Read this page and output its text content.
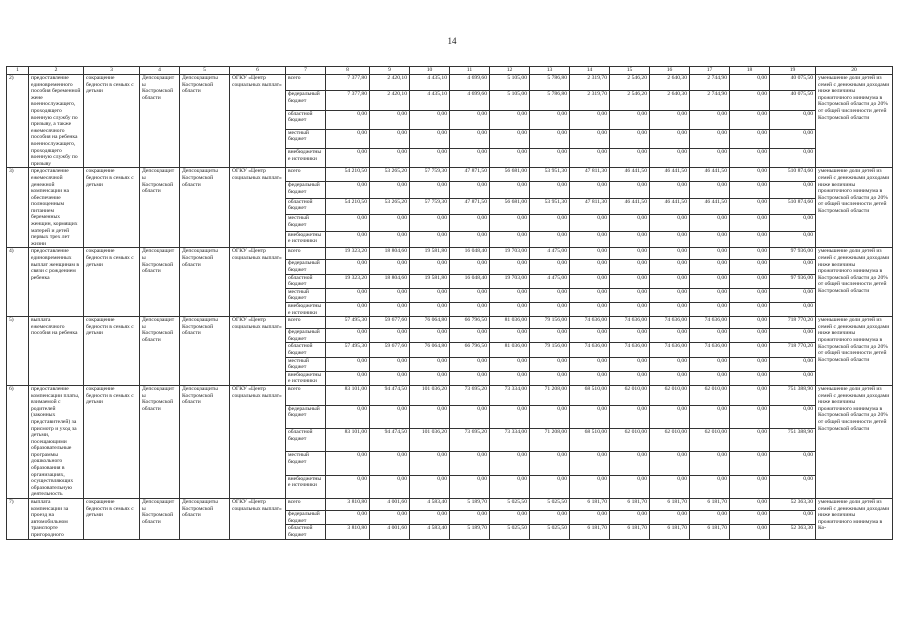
14
1	2	3	4	5	6	7	8	9	10	11	12	13	14	15	16	17	18	19	20
2)	предоставление единовременного пособия беременной жене военнослужащего, проходящего военную службу по призыву, а также ежемесячного пособия на ребенка военнослужащего, проходящего военную службу по призыву	сокращение бедности в семьях с детьми	Депсоцзащиты Костромской области	Депсоцзащиты Костромской области	ОГКУ «Центр социальных выплат»	всего	7 377,80	2 420,10	4 435,10	4 699,60	5 105,00	5 786,80	2 319,70	2 546,20	2 640,30	2 744,90	0,00	40 075,50	уменьшение доли детей из семей с денежными доходами ниже величины прожиточного минимума в Костромской области до 20% от общей численности детей Костромской области
						федеральный бюджет	7 377,80	2 420,10	4 435,10	4 699,60	5 105,00	5 786,80	2 319,70	2 546,20	2 640,30	2 744,90	0,00	40 075,50	
						областной бюджет	0,00	0,00	0,00	0,00	0,00	0,00	0,00	0,00	0,00	0,00	0,00	0,00	
						местный бюджет	0,00	0,00	0,00	0,00	0,00	0,00	0,00	0,00	0,00	0,00	0,00	0,00	
						внебюджетные источники	0,00	0,00	0,00	0,00	0,00	0,00	0,00	0,00	0,00	0,00	0,00	0,00	
3)	предоставление ежемесячной денежной компенсации на обеспечение полноценным питанием беременных женщин, кормящих матерей и детей первых трех лет жизни	сокращение бедности в семьях с детьми	Депсоцзащиты Костромской области	Депсоцзащиты Костромской области	ОГКУ «Центр социальных выплат»	всего	54 210,50	53 265,20	57 759,30	47 871,50	56 681,00	53 951,30	47 811,30	46 441,50	46 441,50	46 441,50	0,00	510 874,60	уменьшение доли детей из семей с денежными доходами ниже величины прожиточного минимума в Костромской области до 20% от общей численности детей Костромской области
						федеральный бюджет	0,00	0,00	0,00	0,00	0,00	0,00	0,00	0,00	0,00	0,00	0,00	0,00	
						областной бюджет	54 210,50	53 265,20	57 759,30	47 871,50	56 681,00	53 951,30	47 811,30	46 441,50	46 441,50	46 441,50	0,00	510 874,60	
						местный бюджет	0,00	0,00	0,00	0,00	0,00	0,00	0,00	0,00	0,00	0,00	0,00	0,00	
						внебюджетные источники	0,00	0,00	0,00	0,00	0,00	0,00	0,00	0,00	0,00	0,00	0,00	0,00	
4)	предоставление единовременных выплат женщинам в связи с рождением ребенка	сокращение бедности в семьях с детьми	Депсоцзащиты Костромской области	Депсоцзащиты Костромской области	ОГКУ «Центр социальных выплат»	всего	19 323,20	18 804,60	19 581,80	16 048,40	19 703,00	4 475,00	0,00	0,00	0,00	0,00	0,00	97 936,00	уменьшение доли детей из семей с денежными доходами ниже величины прожиточного минимума в Костромской области до 20% от общей численности детей Костромской области
						федеральный бюджет	0,00	0,00	0,00	0,00	0,00	0,00	0,00	0,00	0,00	0,00	0,00	0,00	
						областной бюджет	19 323,20	18 804,60	19 581,80	16 048,40	19 703,00	4 475,00	0,00	0,00	0,00	0,00	0,00	97 936,00	
						местный бюджет	0,00	0,00	0,00	0,00	0,00	0,00	0,00	0,00	0,00	0,00	0,00	0,00	
						внебюджетные источники	0,00	0,00	0,00	0,00	0,00	0,00	0,00	0,00	0,00	0,00	0,00	0,00	
5)	выплата ежемесячного пособия на ребенка	сокращение бедности в семьях с детьми	Депсоцзащиты Костромской области	Депсоцзащиты Костромской области	ОГКУ «Центр социальных выплат»	всего	57 495,30	59 677,60	76 064,80	66 796,50	81 036,00	79 156,00	74 636,00	74 636,00	74 636,00	74 636,00	0,00	718 770,20	уменьшение доли детей из семей с денежными доходами ниже величины прожиточного минимума в Костромской области до 20% от общей численности детей Костромской области
						федеральный бюджет	0,00	0,00	0,00	0,00	0,00	0,00	0,00	0,00	0,00	0,00	0,00	0,00	
						областной бюджет	57 495,30	59 677,60	76 064,80	66 796,50	81 036,00	79 156,00	74 636,00	74 636,00	74 636,00	74 636,00	0,00	718 770,20	
						местный бюджет	0,00	0,00	0,00	0,00	0,00	0,00	0,00	0,00	0,00	0,00	0,00	0,00	
						внебюджетные источники	0,00	0,00	0,00	0,00	0,00	0,00	0,00	0,00	0,00	0,00	0,00	0,00	
6)	предоставление компенсации платы, взимаемой с родителей (законных представителей) за присмотр и уход за детьми, посещающими образовательные программы дошкольного образования в организациях, осуществляющих образовательную деятельность	сокращение бедности в семьях с детьми	Депсоцзащиты Костромской области	Депсоцзащиты Костромской области	ОГКУ «Центр социальных выплат»	всего	83 101,00	94 474,50	101 036,20	73 695,20	73 334,00	71 208,00	68 510,00	62 010,00	62 010,00	62 010,00	0,00	751 388,90	уменьшение доли детей из семей с денежными доходами ниже величины прожиточного минимума в Костромской области до 20% от общей численности детей Костромской области
						федеральный бюджет	0,00	0,00	0,00	0,00	0,00	0,00	0,00	0,00	0,00	0,00	0,00	0,00	
						областной бюджет	83 101,00	94 474,50	101 036,20	73 695,20	73 334,00	71 208,00	68 510,00	62 010,00	62 010,00	62 010,00	0,00	751 388,90	
						местный бюджет	0,00	0,00	0,00	0,00	0,00	0,00	0,00	0,00	0,00	0,00	0,00	0,00	
						внебюджетные источники	0,00	0,00	0,00	0,00	0,00	0,00	0,00	0,00	0,00	0,00	0,00	0,00	
7)	выплата компенсации за проезд на автомобильном транспорте пригородного	сокращение бедности в семьях с детьми	Депсоцзащиты Костромской области	Депсоцзащиты Костромской области	ОГКУ «Центр социальных выплат»	всего	3 810,80	4 001,60	4 583,40	5 189,70	5 025,50	5 025,50	6 181,70	6 181,70	6 181,70	6 181,70	0,00	52 363,30	уменьшение доли детей из семей с денежными доходами ниже величины прожиточного минимума в Ко-
						федеральный бюджет	0,00	0,00	0,00	0,00	0,00	0,00	0,00	0,00	0,00	0,00	0,00	0,00	
						областной бюджет	3 810,80	4 001,60	4 583,40	5 189,70	5 025,50	5 025,50	6 181,70	6 181,70	6 181,70	6 181,70	0,00	52 363,30	
